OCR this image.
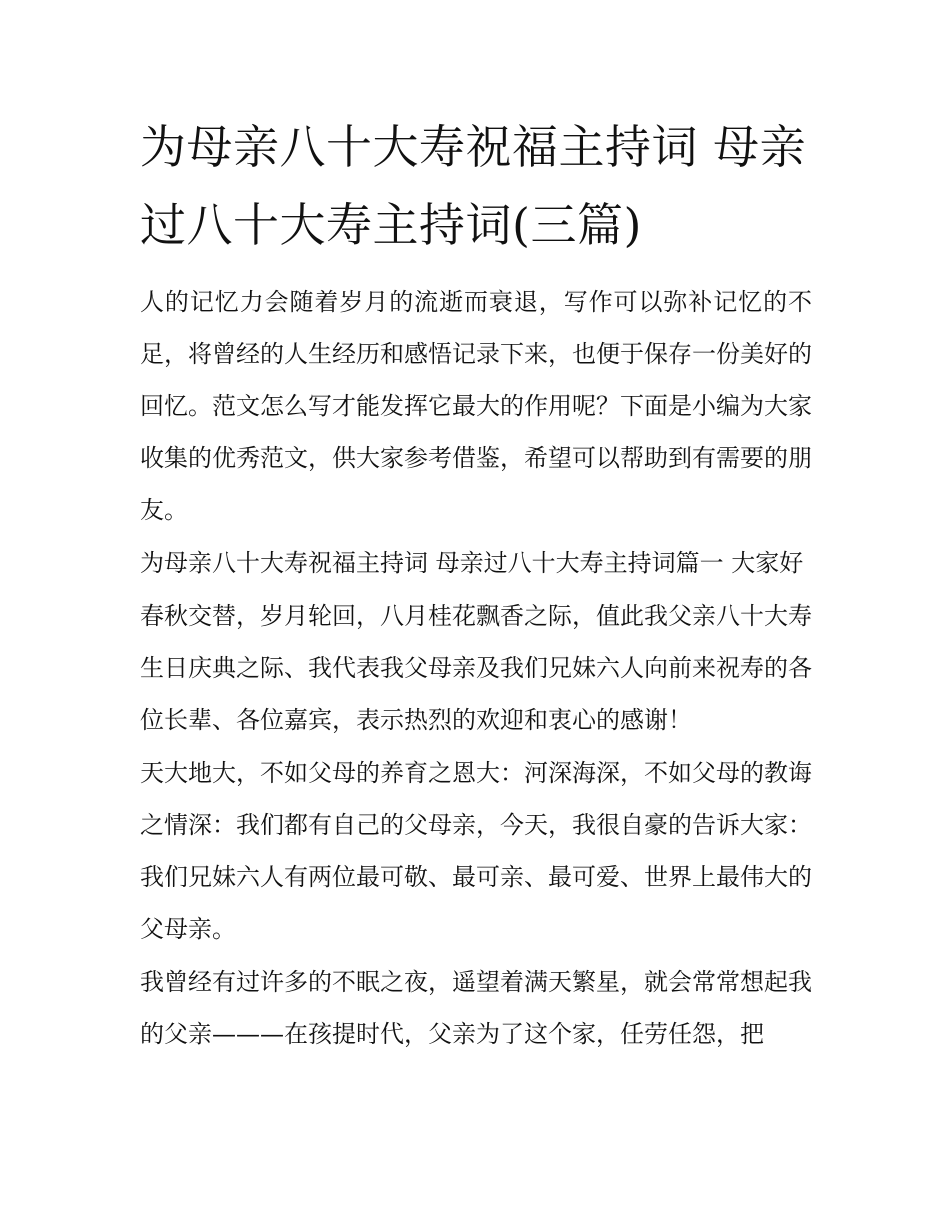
为母亲八十大寿祝福主持词 母亲过八十大寿主持词(三篇)

人的记忆力会随着岁月的流逝而衰退，写作可以弥补记忆的不足，将曾经的人生经历和感悟记录下来，也便于保存一份美好的回忆。范文怎么写才能发挥它最大的作用呢？下面是小编为大家收集的优秀范文，供大家参考借鉴，希望可以帮助到有需要的朋友。

为母亲八十大寿祝福主持词 母亲过八十大寿主持词篇一 大家好

春秋交替，岁月轮回，八月桂花飘香之际，值此我父亲八十大寿生日庆典之际、我代表我父母亲及我们兄妹六人向前来祝寿的各位长辈、各位嘉宾，表示热烈的欢迎和衷心的感谢！

天大地大，不如父母的养育之恩大：河深海深，不如父母的教诲之情深：我们都有自己的父母亲，今天，我很自豪的告诉大家：我们兄妹六人有两位最可敬、最可亲、最可爱、世界上最伟大的父母亲。

我曾经有过许多的不眠之夜，遥望着满天繁星，就会常常想起我的父亲———在孩提时代，父亲为了这个家，任劳任怨，把
